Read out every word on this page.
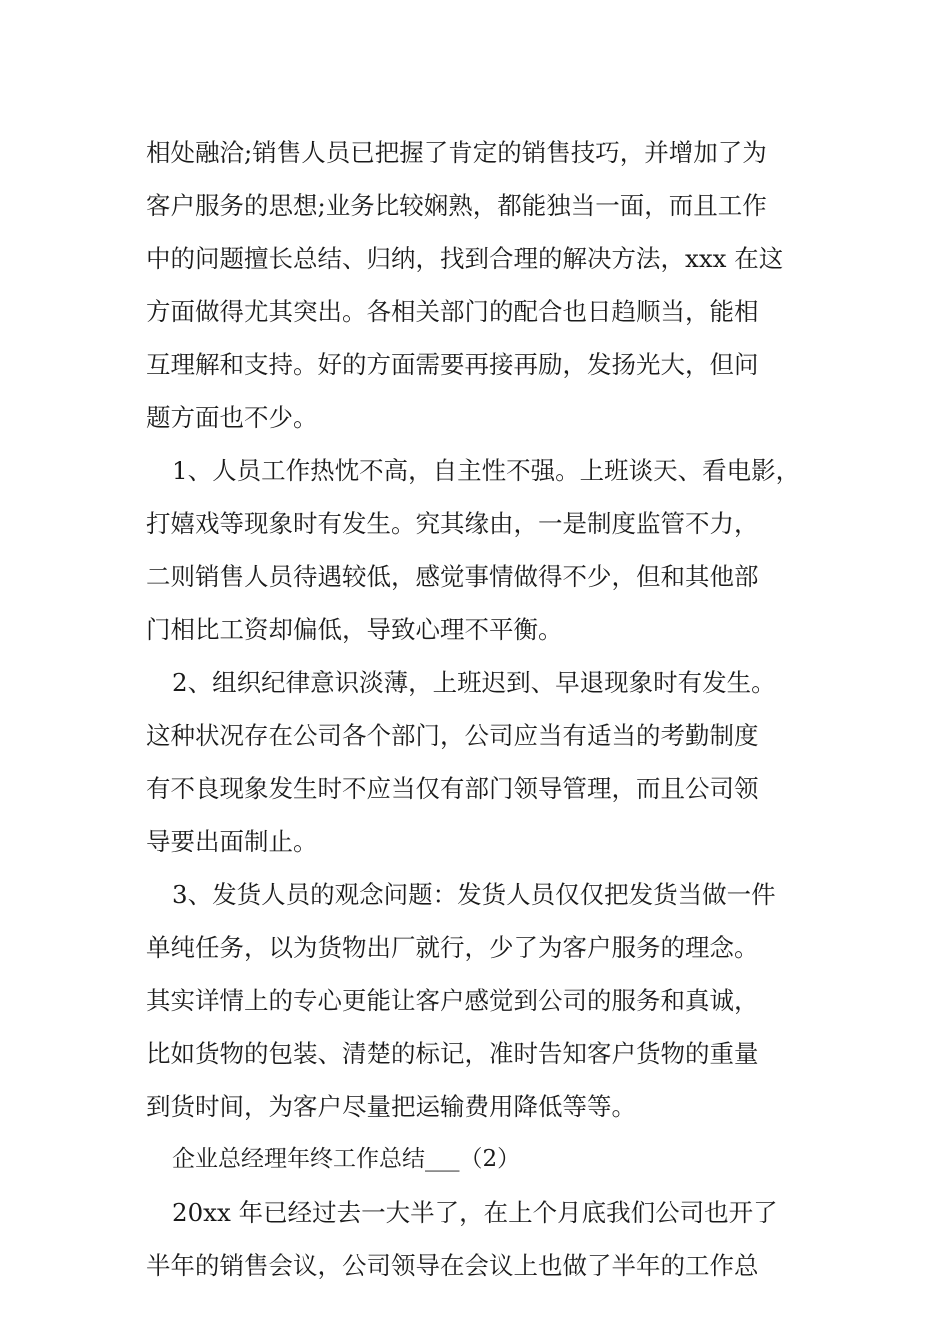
相处融洽;销售人员已把握了肯定的销售技巧，并增加了为
客户服务的思想;业务比较娴熟，都能独当一面，而且工作
中的问题擅长总结、归纳，找到合理的解决方法，xxx 在这
方面做得尤其突出。各相关部门的配合也日趋顺当，能相
互理解和支持。好的方面需要再接再励，发扬光大，但问
题方面也不少。
1、人员工作热忱不高，自主性不强。上班谈天、看电影，
打嬉戏等现象时有发生。究其缘由，一是制度监管不力，
二则销售人员待遇较低，感觉事情做得不少，但和其他部
门相比工资却偏低，导致心理不平衡。
2、组织纪律意识淡薄，上班迟到、早退现象时有发生。
这种状况存在公司各个部门，公司应当有适当的考勤制度
有不良现象发生时不应当仅有部门领导管理，而且公司领
导要出面制止。
3、发货人员的观念问题：发货人员仅仅把发货当做一件
单纯任务，以为货物出厂就行，少了为客户服务的理念。
其实详情上的专心更能让客户感觉到公司的服务和真诚，
比如货物的包装、清楚的标记，准时告知客户货物的重量
到货时间，为客户尽量把运输费用降低等等。
企业总经理年终工作总结___（2）
20xx 年已经过去一大半了，在上个月底我们公司也开了
半年的销售会议，公司领导在会议上也做了半年的工作总
